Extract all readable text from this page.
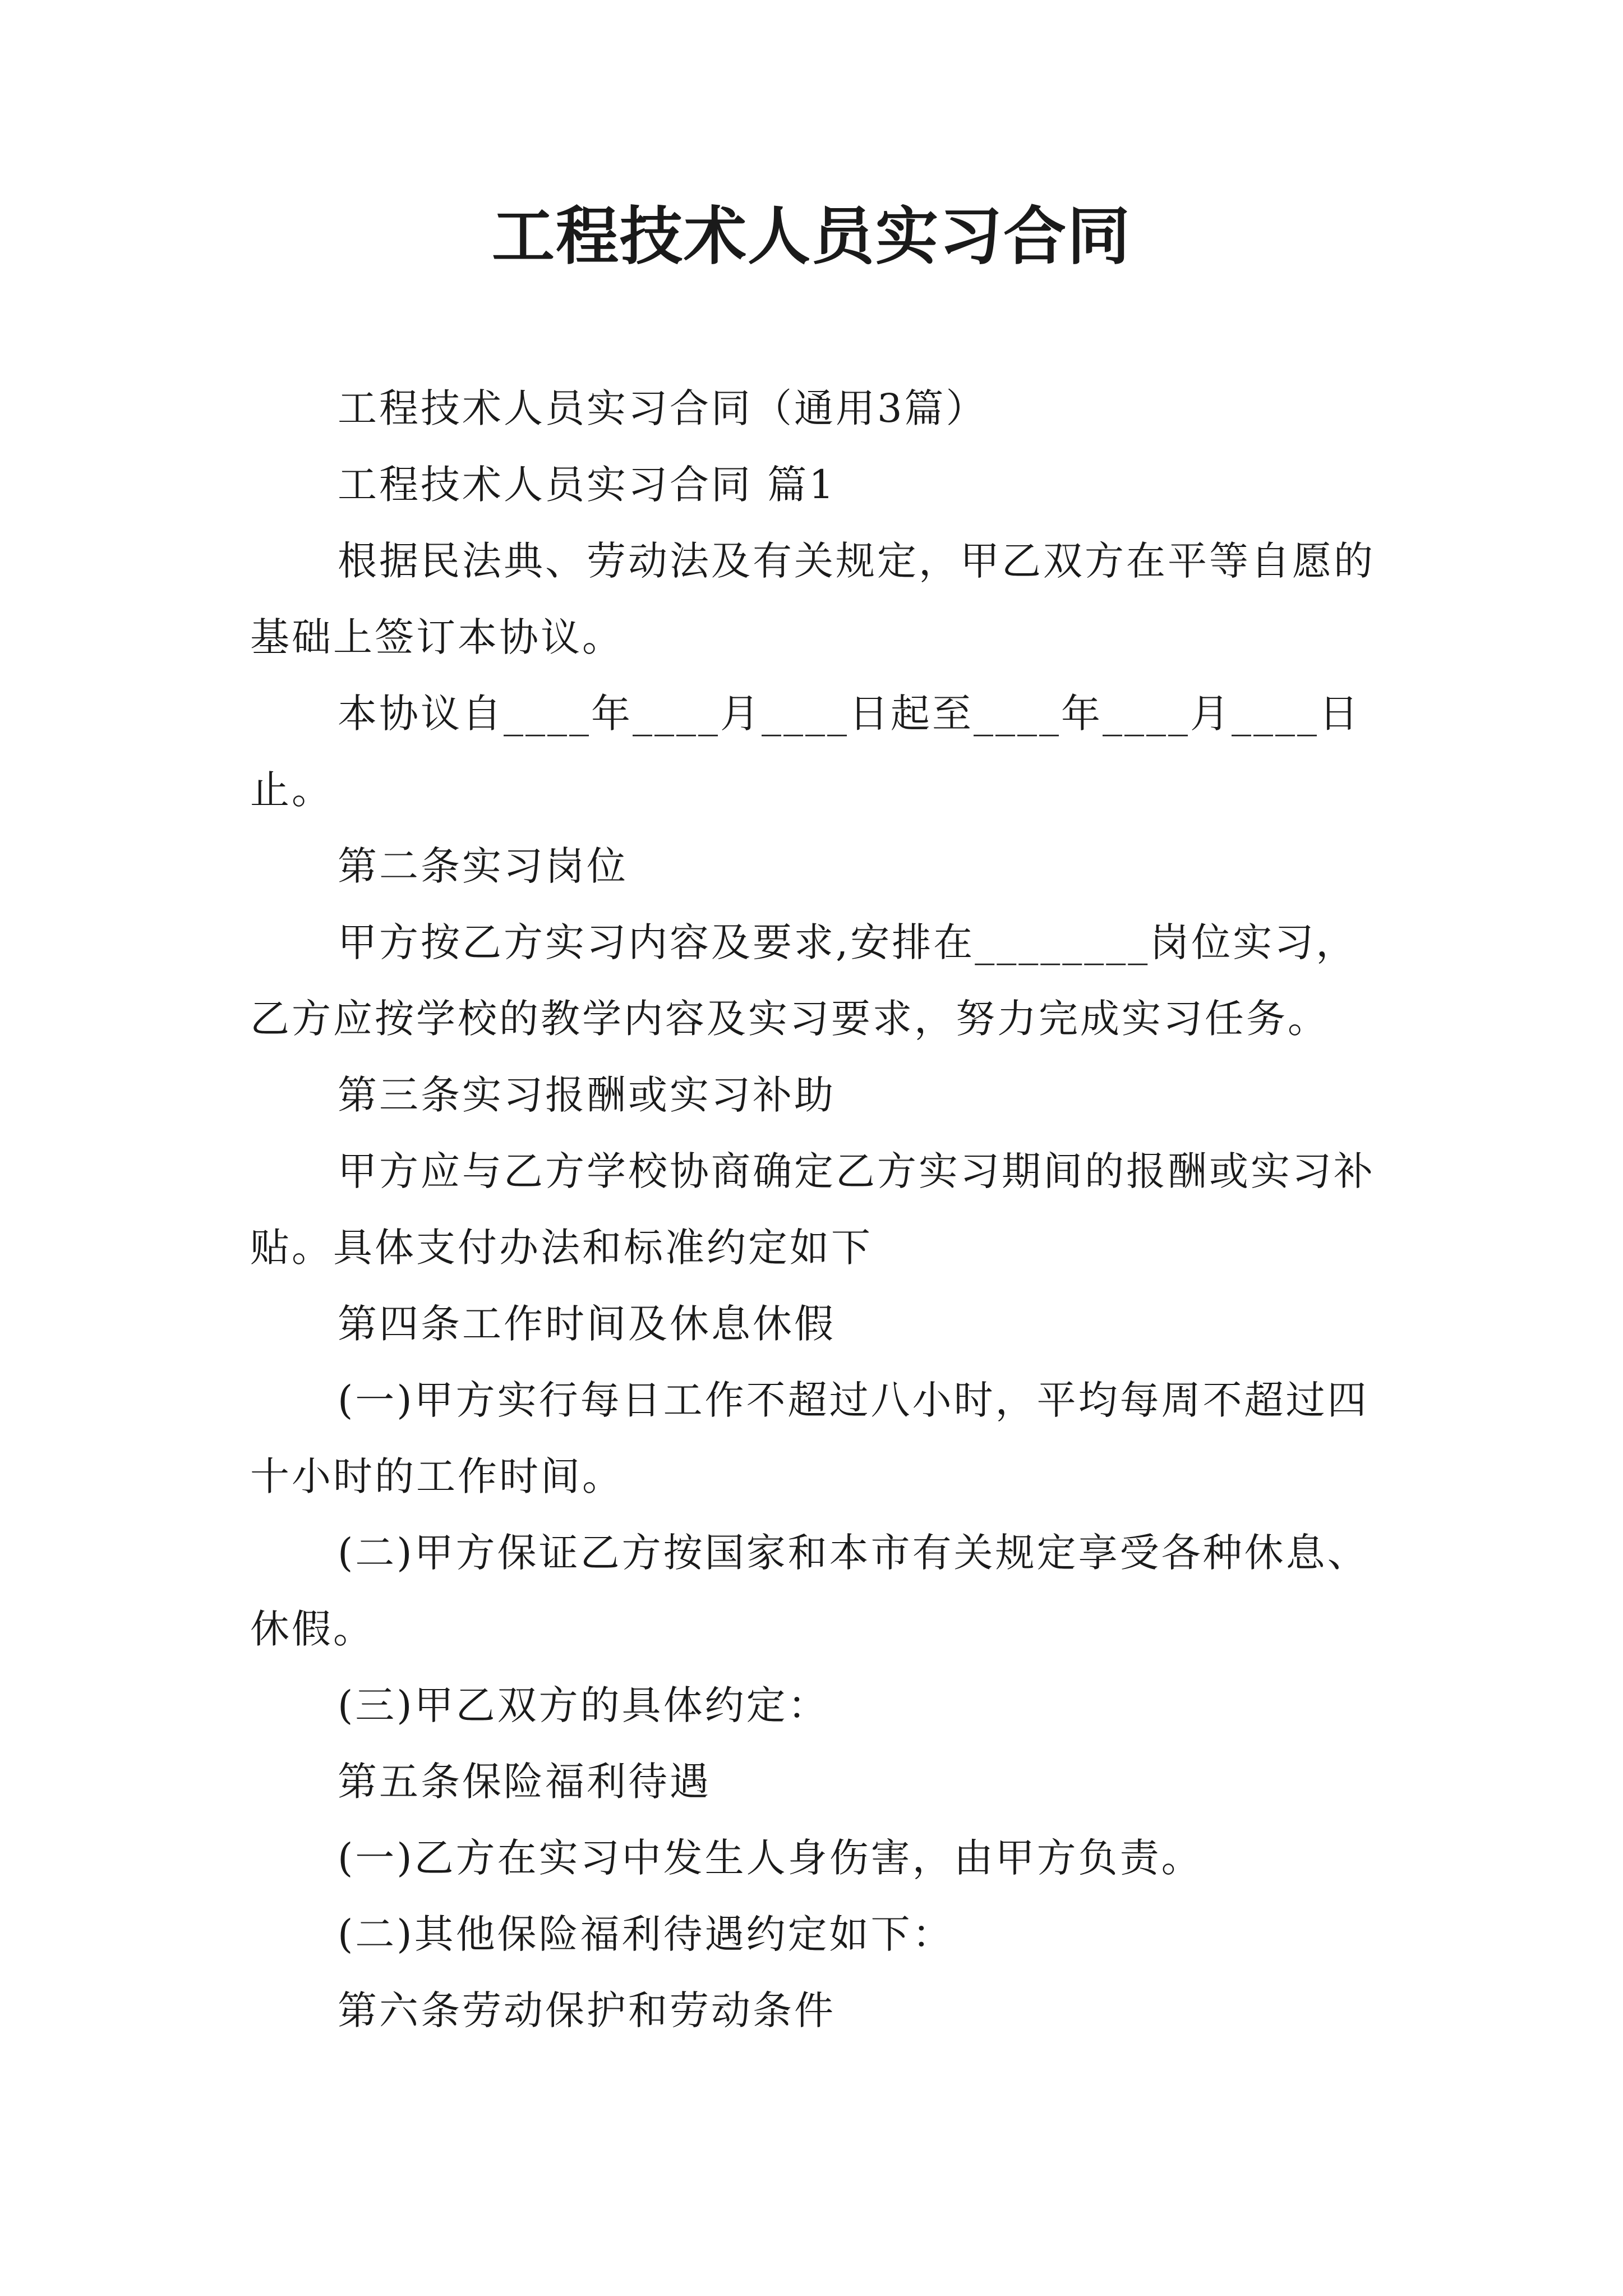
工程技术人员实习合同

工程技术人员实习合同（通用3篇）

工程技术人员实习合同 篇1

根据民法典、劳动法及有关规定，甲乙双方在平等自愿的基础上签订本协议。

本协议自____年____月____日起至____年____月____日止。

第二条实习岗位

甲方按乙方实习内容及要求,安排在________岗位实习，乙方应按学校的教学内容及实习要求，努力完成实习任务。

第三条实习报酬或实习补助

甲方应与乙方学校协商确定乙方实习期间的报酬或实习补贴。具体支付办法和标准约定如下

第四条工作时间及休息休假

(一)甲方实行每日工作不超过八小时，平均每周不超过四十小时的工作时间。

(二)甲方保证乙方按国家和本市有关规定享受各种休息、休假。

(三)甲乙双方的具体约定：

第五条保险福利待遇

(一)乙方在实习中发生人身伤害，由甲方负责。

(二)其他保险福利待遇约定如下：

第六条劳动保护和劳动条件
